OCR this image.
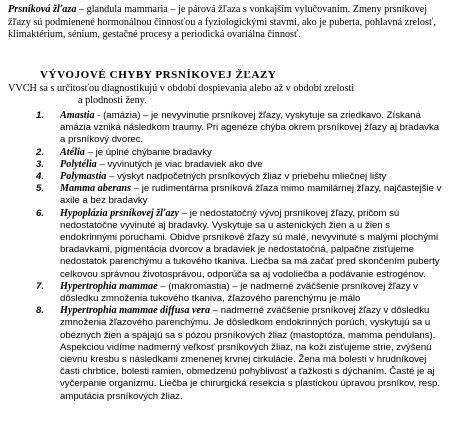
Prsníková žľaza – glandula mammaria – je párová žľaza s vonkajším vylučovaním. Zmeny prsníkovej žľazy sú podmienené hormonálnou činnosťou a fyziologickými stavmi, ako je puberta, pohlavná zrelosť, klimaktérium, sénium, gestačné procesy a periodická ovariálna činnosť.

VÝVOJOVÉ CHYBY PRSNÍKOVEJ ŽĽAZY

VVCH sa s určitosťou diagnostikujú v období dospievania alebo až v období zrelosti
a plodnosti ženy.

1. Amastia - (amázia) – je nevyvinutie prsníkovej žľazy, vyskytuje sa zriedkavo. Získaná amázia vzniká následkom traumy. Pri agenéze chýba okrem prsníkovej žľazy aj bradavka a prsníkový dvorec.
2. Atélia – je úplné chýbanie bradavky
3. Polytélia – vyvinutých je viac bradaviek ako dve
4. Polymastia – výskyt nadpočetných prsníkových žliaz v priebehu mliečnej lišty
5. Mamma aberans – je rudimentárna prsníková žľaza mimo mamilárnej žľazy, najčastejšie v axile a bez bradavky
6. Hypoplázia prsníkovej žľazy – je nedostatočný vývoj prsníkovej žľazy, pričom sú nedostatočne vyvinuté aj bradavky. Vyskytuje sa u astenických žien a u žien s endokrinnými poruchami. Obidve prsníkové žľazy sú malé, nevyvinuté s malými plochými bradavkami, pigmentácia dvorcov a bradaviek je nedostatočná, palpačne zisťujeme nedostatok parenchýmu a tukového tkaniva. Liečba sa má začať pred skončením puberty celkovou správnou životosprávou, odporúča sa aj vodoliečba a podávanie estrogénov.
7. Hypertrophia mammae – (makromastia) – je nadmerné zväčšenie prsníkovej žľazy v dôsledku zmnoženia tukového tkaniva, žľazového parenchýmu je málo
8. Hypertrophia mammae diffusa vera – nadmerné zväčšenie prsníkovej žľazy v dôsledku zmnoženia žľazového parenchýmu. Je dôsledkom endokrinných porúch, vyskytujú sa u obéznych žien a spájajú sa s pózou prsníkových žliaz (mastoptóza, mamma pendulans). Aspekciou vidíme nadmerný veľkosť prsníkových žliaz, na koži zisťujeme strie, zvýšenú cievnu kresbu s následkami zmenenej krvnej cirkulácie. Žena má bolesti v hrudníkovej časti chrbtice, bolesti ramien, obmedzenú pohyblivosť a ťažkosti s dýchaním. Časté je aj vyčerpanie organizmu. Liečba je chirurgická resekcia s plastickou úpravou prsníkov, resp. amputácia prsníkových žliaz.
